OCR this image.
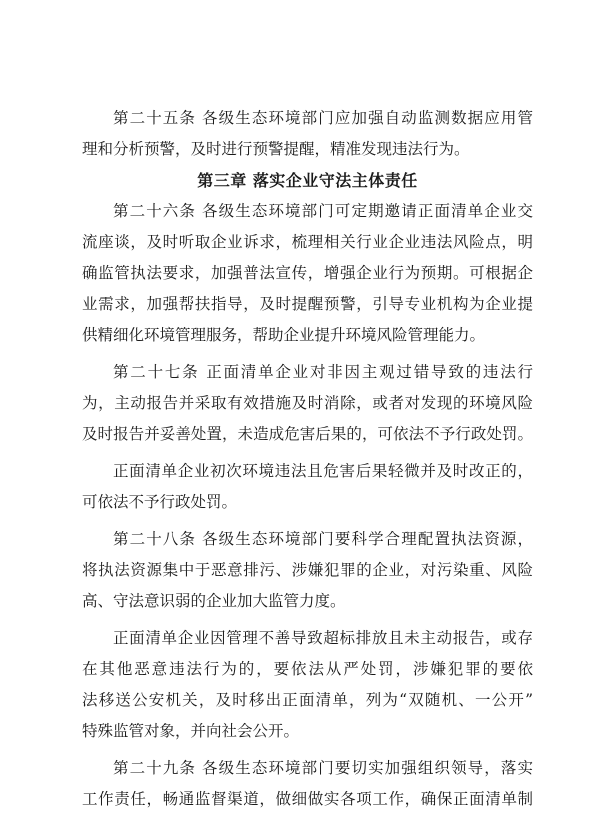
第二十五条 各级生态环境部门应加强自动监测数据应用管
理和分析预警，及时进行预警提醒，精准发现违法行为。
第三章 落实企业守法主体责任
第二十六条 各级生态环境部门可定期邀请正面清单企业交
流座谈，及时听取企业诉求，梳理相关行业企业违法风险点，明
确监管执法要求，加强普法宣传，增强企业行为预期。可根据企
业需求，加强帮扶指导，及时提醒预警，引导专业机构为企业提
供精细化环境管理服务，帮助企业提升环境风险管理能力。
第二十七条 正面清单企业对非因主观过错导致的违法行
为，主动报告并采取有效措施及时消除，或者对发现的环境风险
及时报告并妥善处置，未造成危害后果的，可依法不予行政处罚。
正面清单企业初次环境违法且危害后果轻微并及时改正的，
可依法不予行政处罚。
第二十八条 各级生态环境部门要科学合理配置执法资源，
将执法资源集中于恶意排污、涉嫌犯罪的企业，对污染重、风险
高、守法意识弱的企业加大监管力度。
正面清单企业因管理不善导致超标排放且未主动报告，或存
在其他恶意违法行为的，要依法从严处罚，涉嫌犯罪的要依
法移送公安机关，及时移出正面清单，列为“双随机、一公开”
特殊监管对象，并向社会公开。
第二十九条 各级生态环境部门要切实加强组织领导，落实
工作责任，畅通监督渠道，做细做实各项工作，确保正面清单制
